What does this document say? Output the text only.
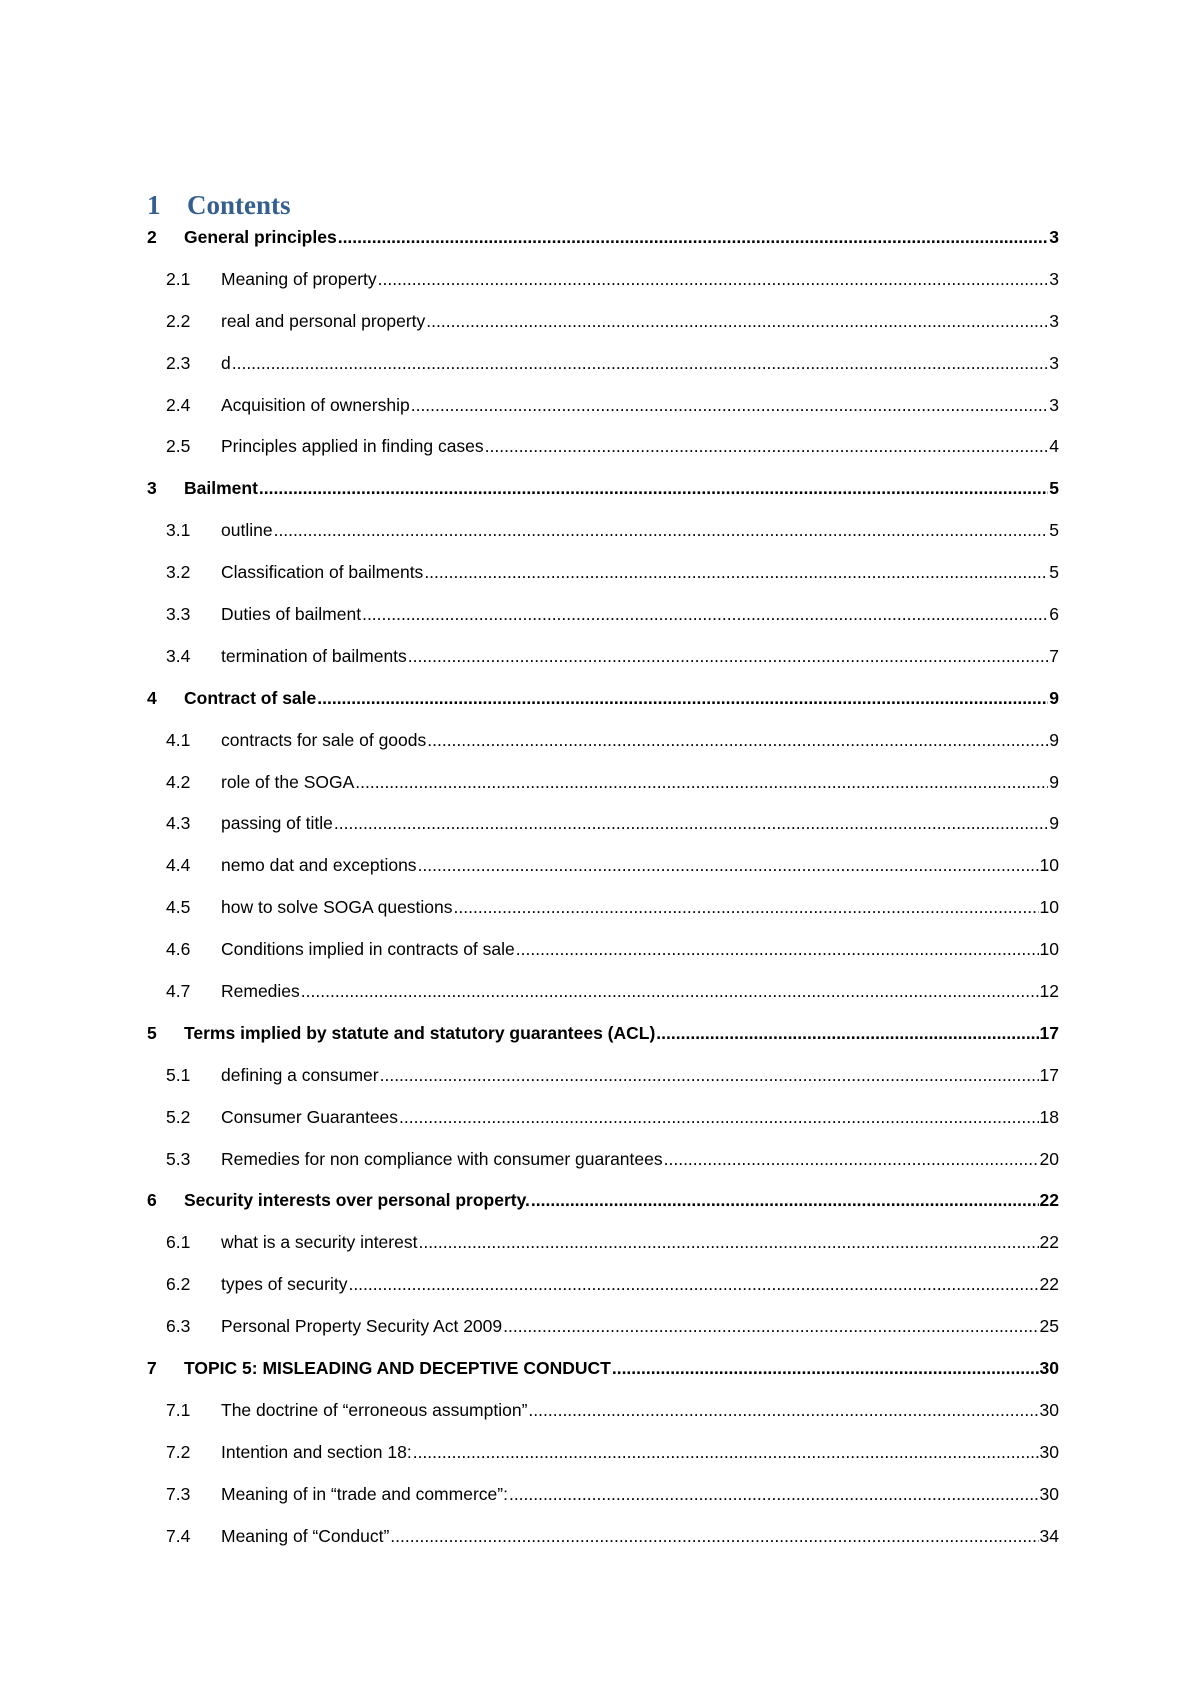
1 Contents
2	General principles .....	3
2.1	Meaning of property .....	3
2.2	real and personal property .....	3
2.3	d .....	3
2.4	Acquisition of ownership .....	3
2.5	Principles applied in finding cases .....	4
3	Bailment .....	5
3.1	outline .....	5
3.2	Classification of bailments .....	5
3.3	Duties of bailment .....	6
3.4	termination of bailments .....	7
4	Contract of sale .....	9
4.1	contracts for sale of goods .....	9
4.2	role of the SOGA .....	9
4.3	passing of title .....	9
4.4	nemo dat and exceptions .....	10
4.5	how to solve SOGA questions .....	10
4.6	Conditions implied in contracts of sale .....	10
4.7	Remedies .....	12
5	Terms implied by statute and statutory guarantees (ACL) .....	17
5.1	defining a consumer .....	17
5.2	Consumer Guarantees .....	18
5.3	Remedies for non compliance with consumer guarantees .....	20
6	Security interests over personal property. .....	22
6.1	what is a security interest .....	22
6.2	types of security .....	22
6.3	Personal Property Security Act 2009 .....	25
7	TOPIC 5: MISLEADING AND DECEPTIVE CONDUCT .....	30
7.1	The doctrine of “erroneous assumption” .....	30
7.2	Intention and section 18: .....	30
7.3	Meaning of in “trade and commerce”: .....	30
7.4	Meaning of “Conduct” .....	34
